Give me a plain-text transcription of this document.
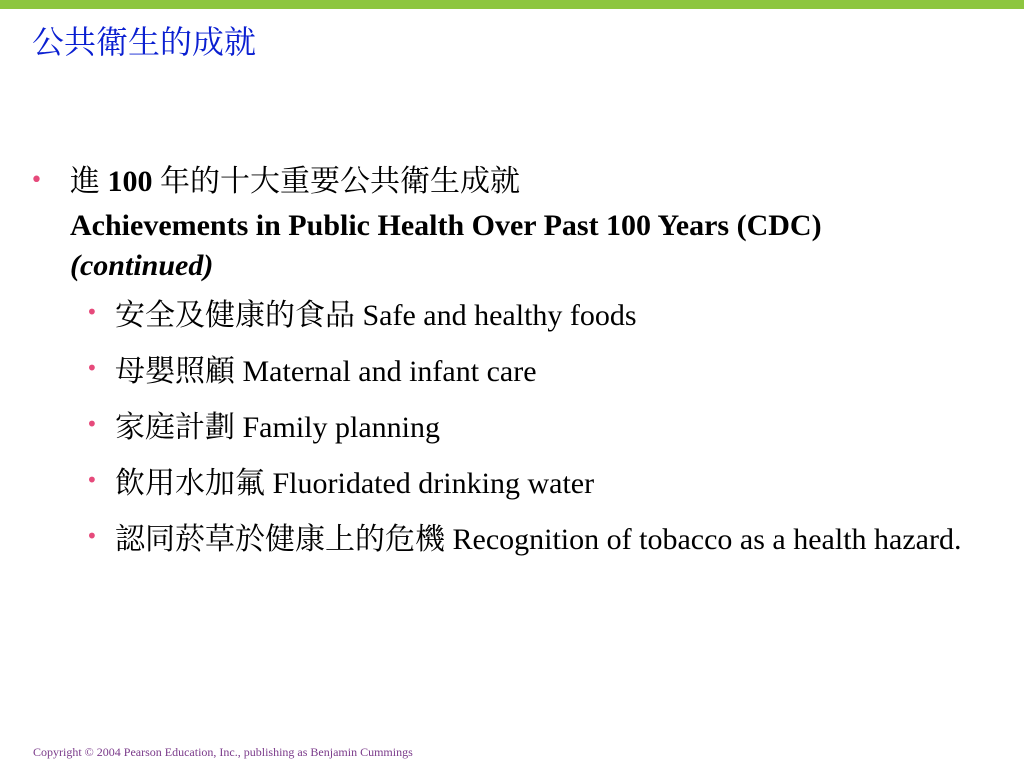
公共衛生的成就
• 進 100 年的十大重要公共衛生成就
Achievements in Public Health Over Past 100 Years (CDC) (continued)
• 安全及健康的食品 Safe and healthy foods
• 母嬰照顧 Maternal and infant care
• 家庭計劃 Family planning
• 飲用水加氟 Fluoridated drinking water
• 認同菸草於健康上的危機 Recognition of tobacco as a health hazard.
Copyright © 2004 Pearson Education, Inc., publishing as Benjamin Cummings
